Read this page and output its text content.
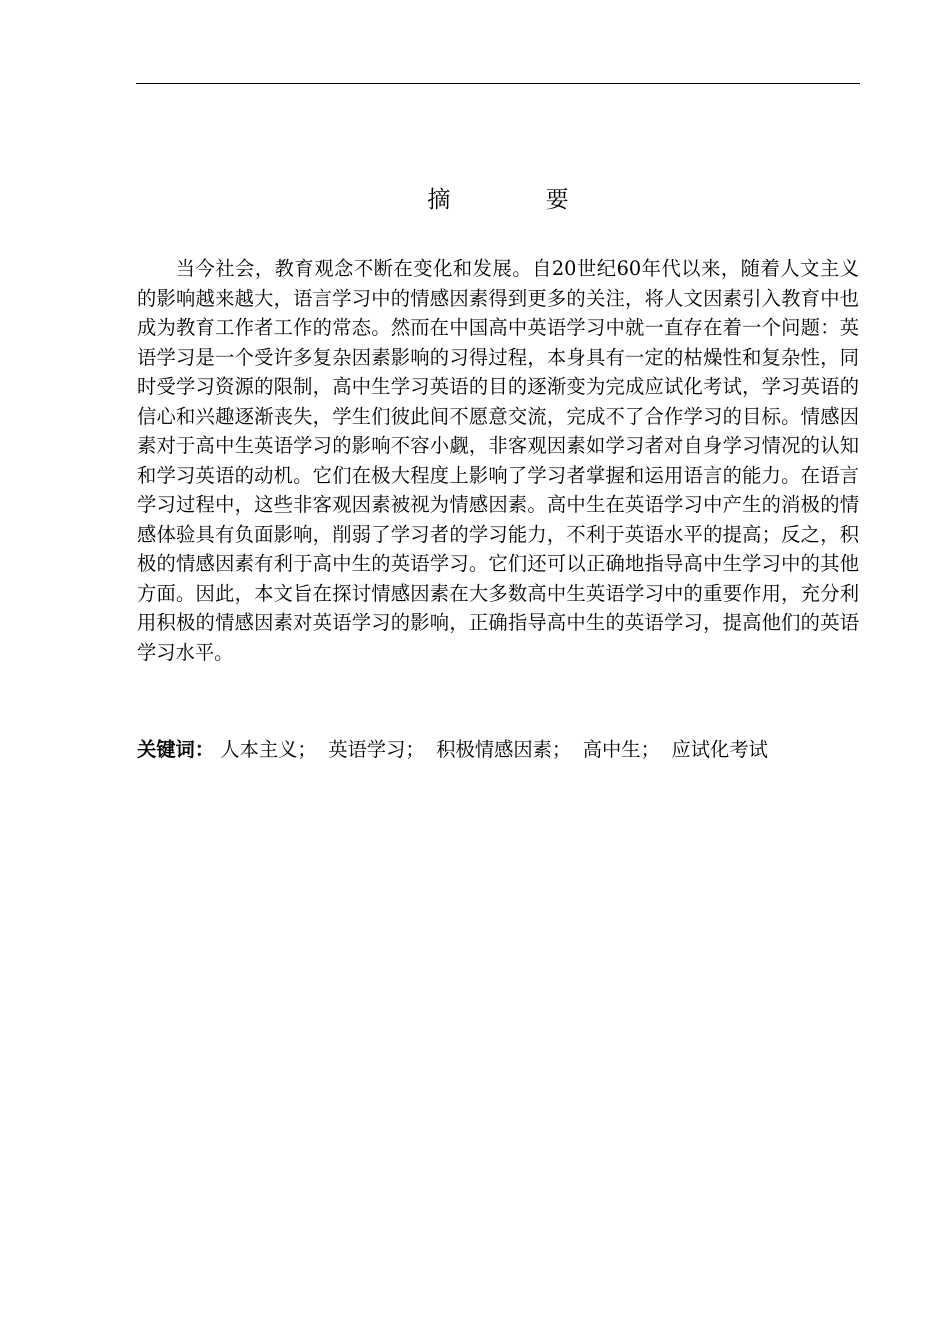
摘 要

当今社会，教育观念不断在变化和发展。自20世纪60年代以来，随着人文主义的影响越来越大，语言学习中的情感因素得到更多的关注，将人文因素引入教育中也成为教育工作者工作的常态。然而在中国高中英语学习中就一直存在着一个问题：英语学习是一个受许多复杂因素影响的习得过程，本身具有一定的枯燥性和复杂性，同时受学习资源的限制，高中生学习英语的目的逐渐变为完成应试化考试，学习英语的信心和兴趣逐渐丧失，学生们彼此间不愿意交流，完成不了合作学习的目标。情感因素对于高中生英语学习的影响不容小觑，非客观因素如学习者对自身学习情况的认知和学习英语的动机。它们在极大程度上影响了学习者掌握和运用语言的能力。在语言学习过程中，这些非客观因素被视为情感因素。高中生在英语学习中产生的消极的情感体验具有负面影响，削弱了学习者的学习能力，不利于英语水平的提高；反之，积极的情感因素有利于高中生的英语学习。它们还可以正确地指导高中生学习中的其他方面。因此，本文旨在探讨情感因素在大多数高中生英语学习中的重要作用，充分利用积极的情感因素对英语学习的影响，正确指导高中生的英语学习，提高他们的英语学习水平。

关键词： 人本主义； 英语学习； 积极情感因素； 高中生； 应试化考试
